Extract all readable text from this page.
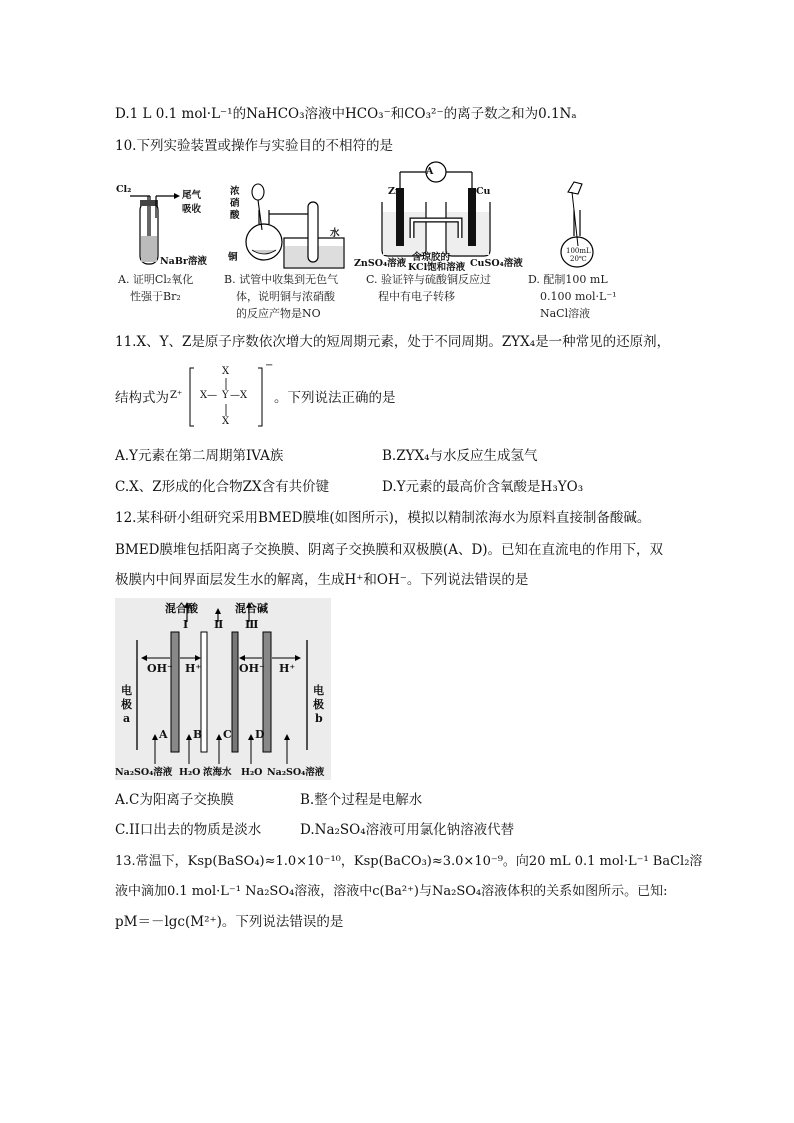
D.1 L 0.1 mol·L⁻¹的NaHCO₃溶液中HCO₃⁻和CO₃²⁻的离子数之和为0.1Nₐ
10.下列实验装置或操作与实验目的不相符的是
Cl₂
尾气
吸收
NaBr溶液
A. 证明Cl₂氧化
性强于Br₂
浓
硝
酸
铜
水
B. 试管中收集到无色气
体，说明铜与浓硝酸
的反应产物是NO
A
Zn	Cu
ZnSO₄溶液
含琼胶的
KCl饱和溶液 CuSO₄溶液
C. 验证锌与硫酸铜反应过
程中有电子转移
100mL
20℃
D. 配制100 mL
0.100 mol·L⁻¹
NaCl溶液
11.X、Y、Z是原子序数依次增大的短周期元素，处于不同周期。ZYX₄是一种常见的还原剂，
结构式为 Z⁺
X
X— Y —X
X
−
。下列说法正确的是
A.Y元素在第二周期第IVA族	B.ZYX₄与水反应生成氢气
C.X、Z形成的化合物ZX含有共价键	D.Y元素的最高价含氧酸是H₃YO₃
12.某科研小组研究采用BMED膜堆(如图所示)，模拟以精制浓海水为原料直接制备酸碱。
BMED膜堆包括阳离子交换膜、阴离子交换膜和双极膜(A、D)。已知在直流电的作用下，双
极膜内中间界面层发生水的解离，生成H⁺和OH⁻。下列说法错误的是
混合酸	混合碱
Ⅰ Ⅱ Ⅲ
OH⁻ H⁺	OH⁻ H⁺
电
极
a
电
极
b
A B C D
Na₂SO₄溶液 H₂O 浓海水 H₂O Na₂SO₄溶液
A.C为阳离子交换膜	B.整个过程是电解水
C.II口出去的物质是淡水	D.Na₂SO₄溶液可用氯化钠溶液代替
13.常温下，Ksp(BaSO₄)≈1.0×10⁻¹⁰，Ksp(BaCO₃)≈3.0×10⁻⁹。向20 mL 0.1 mol·L⁻¹ BaCl₂溶
液中滴加0.1 mol·L⁻¹ Na₂SO₄溶液，溶液中c(Ba²⁺)与Na₂SO₄溶液体积的关系如图所示。已知:
pM＝－lgc(M²⁺)。下列说法错误的是
